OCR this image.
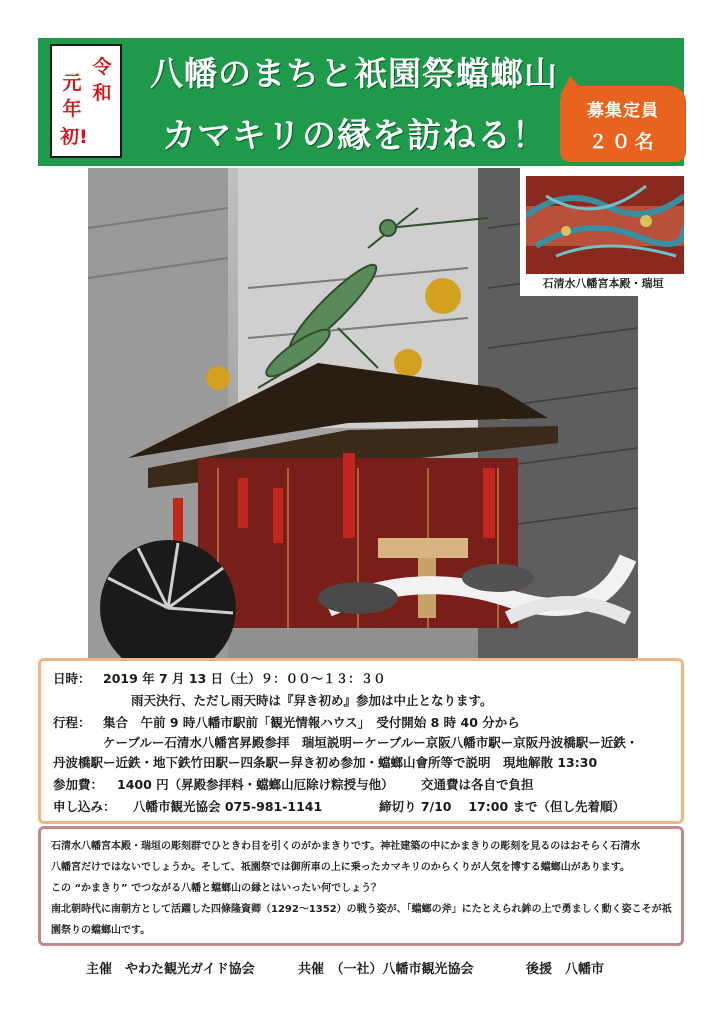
令和
元年
初!
八幡のまちと祇園祭蟷螂山
カマキリの縁を訪ねる！
募集定員
２０名
石清水八幡宮本殿・瑞垣
日時： 2019 年 7 月 13 日（土）９：００～１３：３０
雨天決行、ただし雨天時は『舁き初め』参加は中止となります。
行程： 集合　午前 9 時八幡市駅前「観光情報ハウス」　受付開始 8 時 40 分から
ケーブルー石清水八幡宮昇殿参拝　瑞垣説明ーケーブルー京阪八幡市駅ー京阪丹波橋駅ー近鉄・
丹波橋駅ー近鉄・地下鉄竹田駅ー四条駅ー舁き初め参加・蟷螂山會所等で説明　現地解散 13:30
参加費： 1400 円（昇殿参拝料・蟷螂山厄除け粽授与他） 交通費は各自で負担
申し込み： 八幡市観光協会 075-981-1141	締切り 7/10　 17:00 まで（但し先着順）
石清水八幡宮本殿・瑞垣の彫刻群でひときわ目を引くのがかまきりです。神社建築の中にかまきりの彫刻を見るのはおそらく石清水
八幡宮だけではないでしょうか。そして、祇園祭では御所車の上に乗ったカマキリのからくりが人気を博する蟷螂山があります。
この “かまきり” でつながる八幡と蟷螂山の縁とはいったい何でしょう？
南北朝時代に南朝方として活躍した四條隆資卿（1292～1352）の戦う姿が、「蟷螂の斧」にたとえられ鉾の上で勇ましく動く姿こそが祇
園祭りの蟷螂山です。
主催　やわた観光ガイド協会	共催　（一社）八幡市観光協会	後援　八幡市
